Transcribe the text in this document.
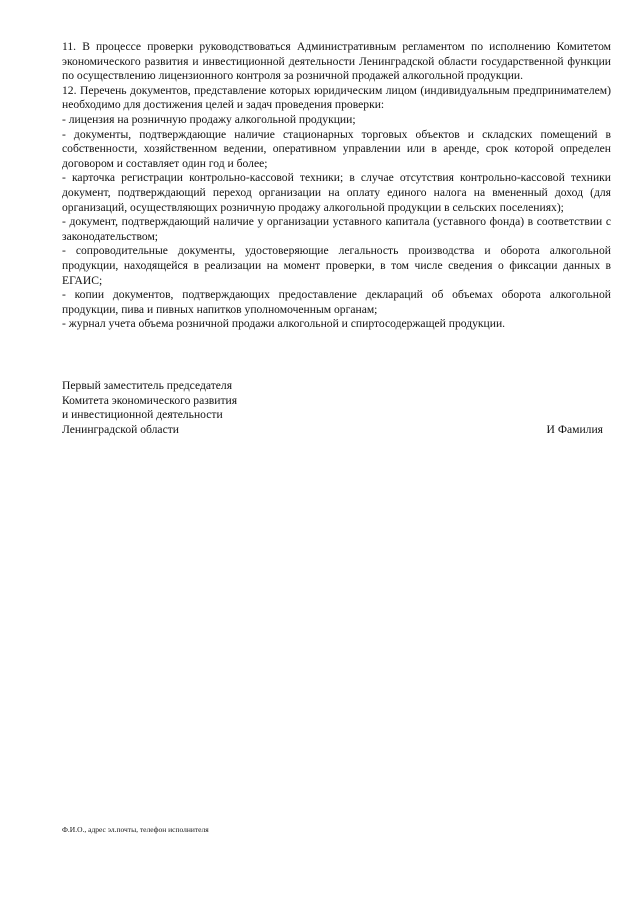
11. В процессе проверки руководствоваться Административным регламентом по исполнению Комитетом экономического развития и инвестиционной деятельности Ленинградской области государственной функции по осуществлению лицензионного контроля за розничной продажей алкогольной продукции.

12. Перечень документов, представление которых юридическим лицом (индивидуальным предпринимателем) необходимо для достижения целей и задач проведения проверки:

- лицензия на розничную продажу алкогольной продукции;

- документы, подтверждающие наличие стационарных торговых объектов и складских помещений в собственности, хозяйственном ведении, оперативном управлении или в аренде, срок которой определен договором и составляет один год и более;

- карточка регистрации контрольно-кассовой техники; в случае отсутствия контрольно-кассовой техники документ, подтверждающий переход организации на оплату единого налога на вмененный доход (для организаций, осуществляющих розничную продажу алкогольной продукции в сельских поселениях);

- документ, подтверждающий наличие у организации уставного капитала (уставного фонда) в соответствии с законодательством;

- сопроводительные документы, удостоверяющие легальность производства и оборота алкогольной продукции, находящейся в реализации на момент проверки, в том числе сведения о фиксации данных в ЕГАИС;

- копии документов, подтверждающих предоставление деклараций об объемах оборота алкогольной продукции, пива и пивных напитков уполномоченным органам;

- журнал учета объема розничной продажи алкогольной и спиртосодержащей продукции.

Первый заместитель председателя
Комитета экономического развития
и инвестиционной деятельности
Ленинградской области	И Фамилия
Ф.И.О., адрес эл.почты, телефон исполнителя
